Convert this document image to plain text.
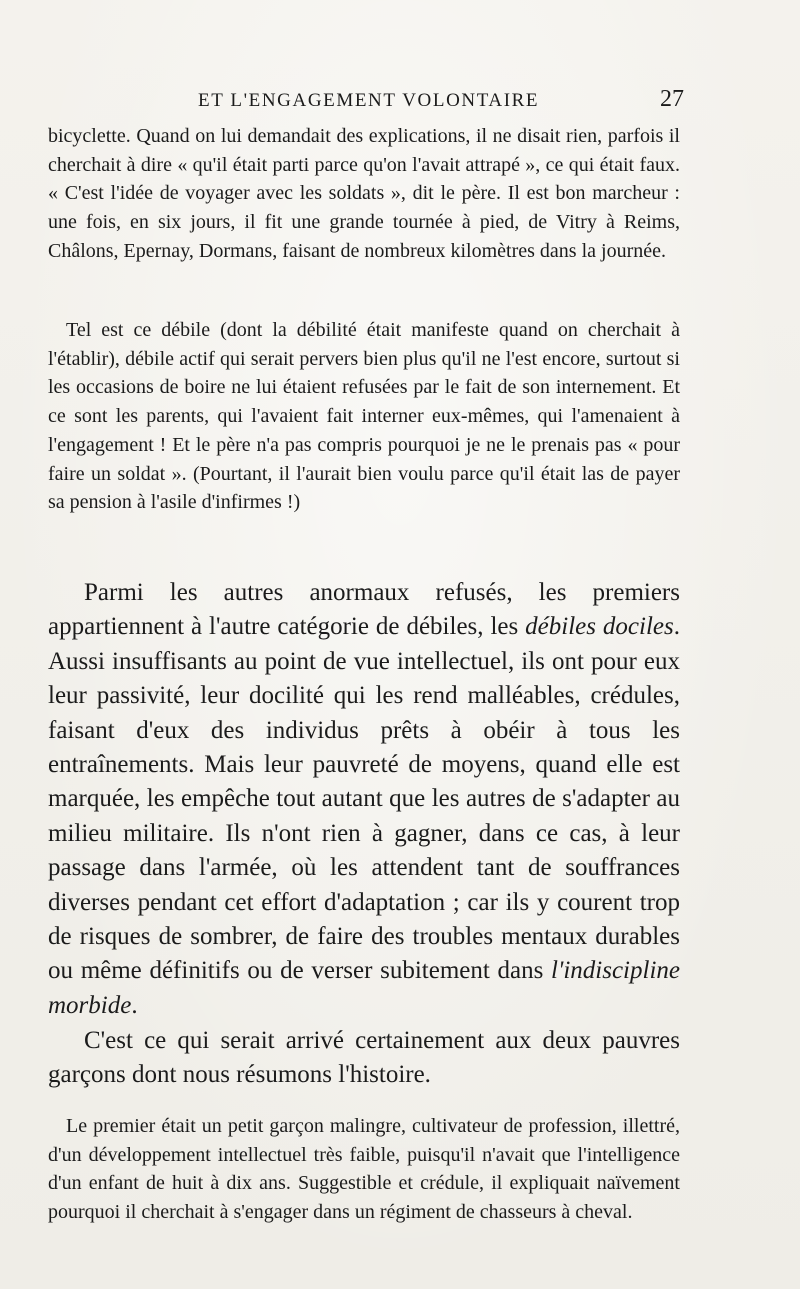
ET L'ENGAGEMENT VOLONTAIRE	27

bicyclette. Quand on lui demandait des explications, il ne disait rien, parfois il cherchait à dire « qu'il était parti parce qu'on l'avait attrapé », ce qui était faux. « C'est l'idée de voyager avec les soldats », dit le père. Il est bon marcheur : une fois, en six jours, il fit une grande tournée à pied, de Vitry à Reims, Châlons, Epernay, Dormans, faisant de nombreux kilomètres dans la journée.

Tel est ce débile (dont la débilité était manifeste quand on cherchait à l'établir), débile actif qui serait pervers bien plus qu'il ne l'est encore, surtout si les occasions de boire ne lui étaient refusées par le fait de son internement. Et ce sont les parents, qui l'avaient fait interner eux-mêmes, qui l'amenaient à l'engagement ! Et le père n'a pas compris pourquoi je ne le prenais pas « pour faire un soldat ». (Pourtant, il l'aurait bien voulu parce qu'il était las de payer sa pension à l'asile d'infirmes !)

Parmi les autres anormaux refusés, les premiers appartiennent à l'autre catégorie de débiles, les débiles dociles. Aussi insuffisants au point de vue intellectuel, ils ont pour eux leur passivité, leur docilité qui les rend malléables, crédules, faisant d'eux des individus prêts à obéir à tous les entraînements. Mais leur pauvreté de moyens, quand elle est marquée, les empêche tout autant que les autres de s'adapter au milieu militaire. Ils n'ont rien à gagner, dans ce cas, à leur passage dans l'armée, où les attendent tant de souffrances diverses pendant cet effort d'adaptation ; car ils y courent trop de risques de sombrer, de faire des troubles mentaux durables ou même définitifs ou de verser subitement dans l'indiscipline morbide.

C'est ce qui serait arrivé certainement aux deux pauvres garçons dont nous résumons l'histoire.

Le premier était un petit garçon malingre, cultivateur de profession, illettré, d'un développement intellectuel très faible, puisqu'il n'avait que l'intelligence d'un enfant de huit à dix ans. Suggestible et crédule, il expliquait naïvement pourquoi il cherchait à s'engager dans un régiment de chasseurs à cheval.
